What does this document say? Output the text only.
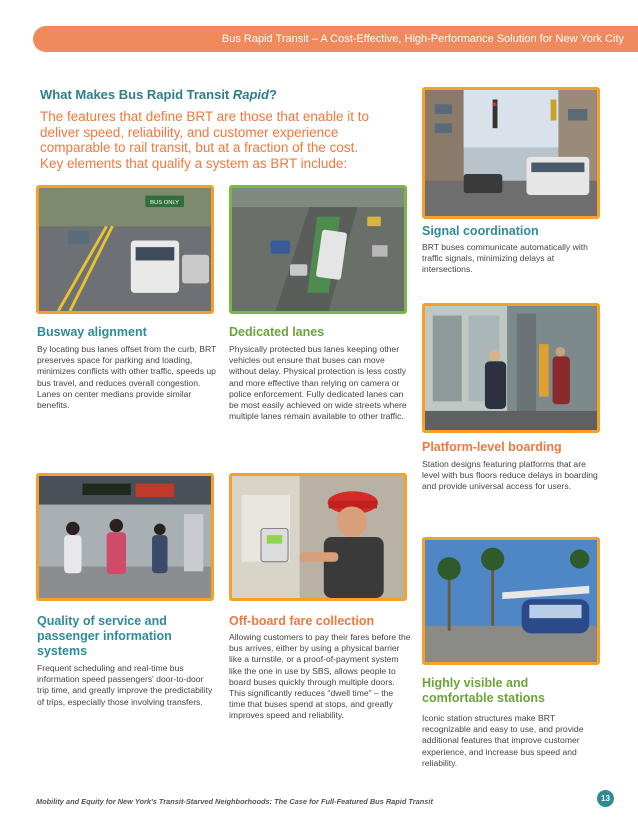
Bus Rapid Transit – A Cost-Effective, High-Performance Solution for New York City
What Makes Bus Rapid Transit Rapid?
The features that define BRT are those that enable it to deliver speed, reliability, and customer experience comparable to rail transit, but at a fraction of the cost. Key elements that qualify a system as BRT include:
BUS ONLY
Signal coordination
BRT buses communicate automatically with traffic signals, minimizing delays at intersections.
Busway alignment
By locating bus lanes offset from the curb, BRT preserves space for parking and loading, minimizes conflicts with other traffic, speeds up bus travel, and reduces overall congestion. Lanes on center medians provide similar benefits.
Dedicated lanes
Physically protected bus lanes keeping other vehicles out ensure that buses can move without delay. Physical protection is less costly and more effective than relying on camera or police enforcement. Fully dedicated lanes can be most easily achieved on wide streets where multiple lanes remain available to other traffic.
Platform-level boarding
Station designs featuring platforms that are level with bus floors reduce delays in boarding and provide universal access for users.
Quality of service and passenger information systems
Frequent scheduling and real-time bus information speed passengers' door-to-door trip time, and greatly improve the predictability of trips, especially those involving transfers.
Off-board fare collection
Allowing customers to pay their fares before the bus arrives, either by using a physical barrier like a turnstile, or a proof-of-payment system like the one in use by SBS, allows people to board buses quickly through multiple doors. This significantly reduces "dwell time" – the time that buses spend at stops, and greatly improves speed and reliability.
Highly visible and comfortable stations
Iconic station structures make BRT recognizable and easy to use, and provide additional features that improve customer experience, and increase bus speed and reliability.
Mobility and Equity for New York's Transit-Starved Neighborhoods: The Case for Full-Featured Bus Rapid Transit	13
